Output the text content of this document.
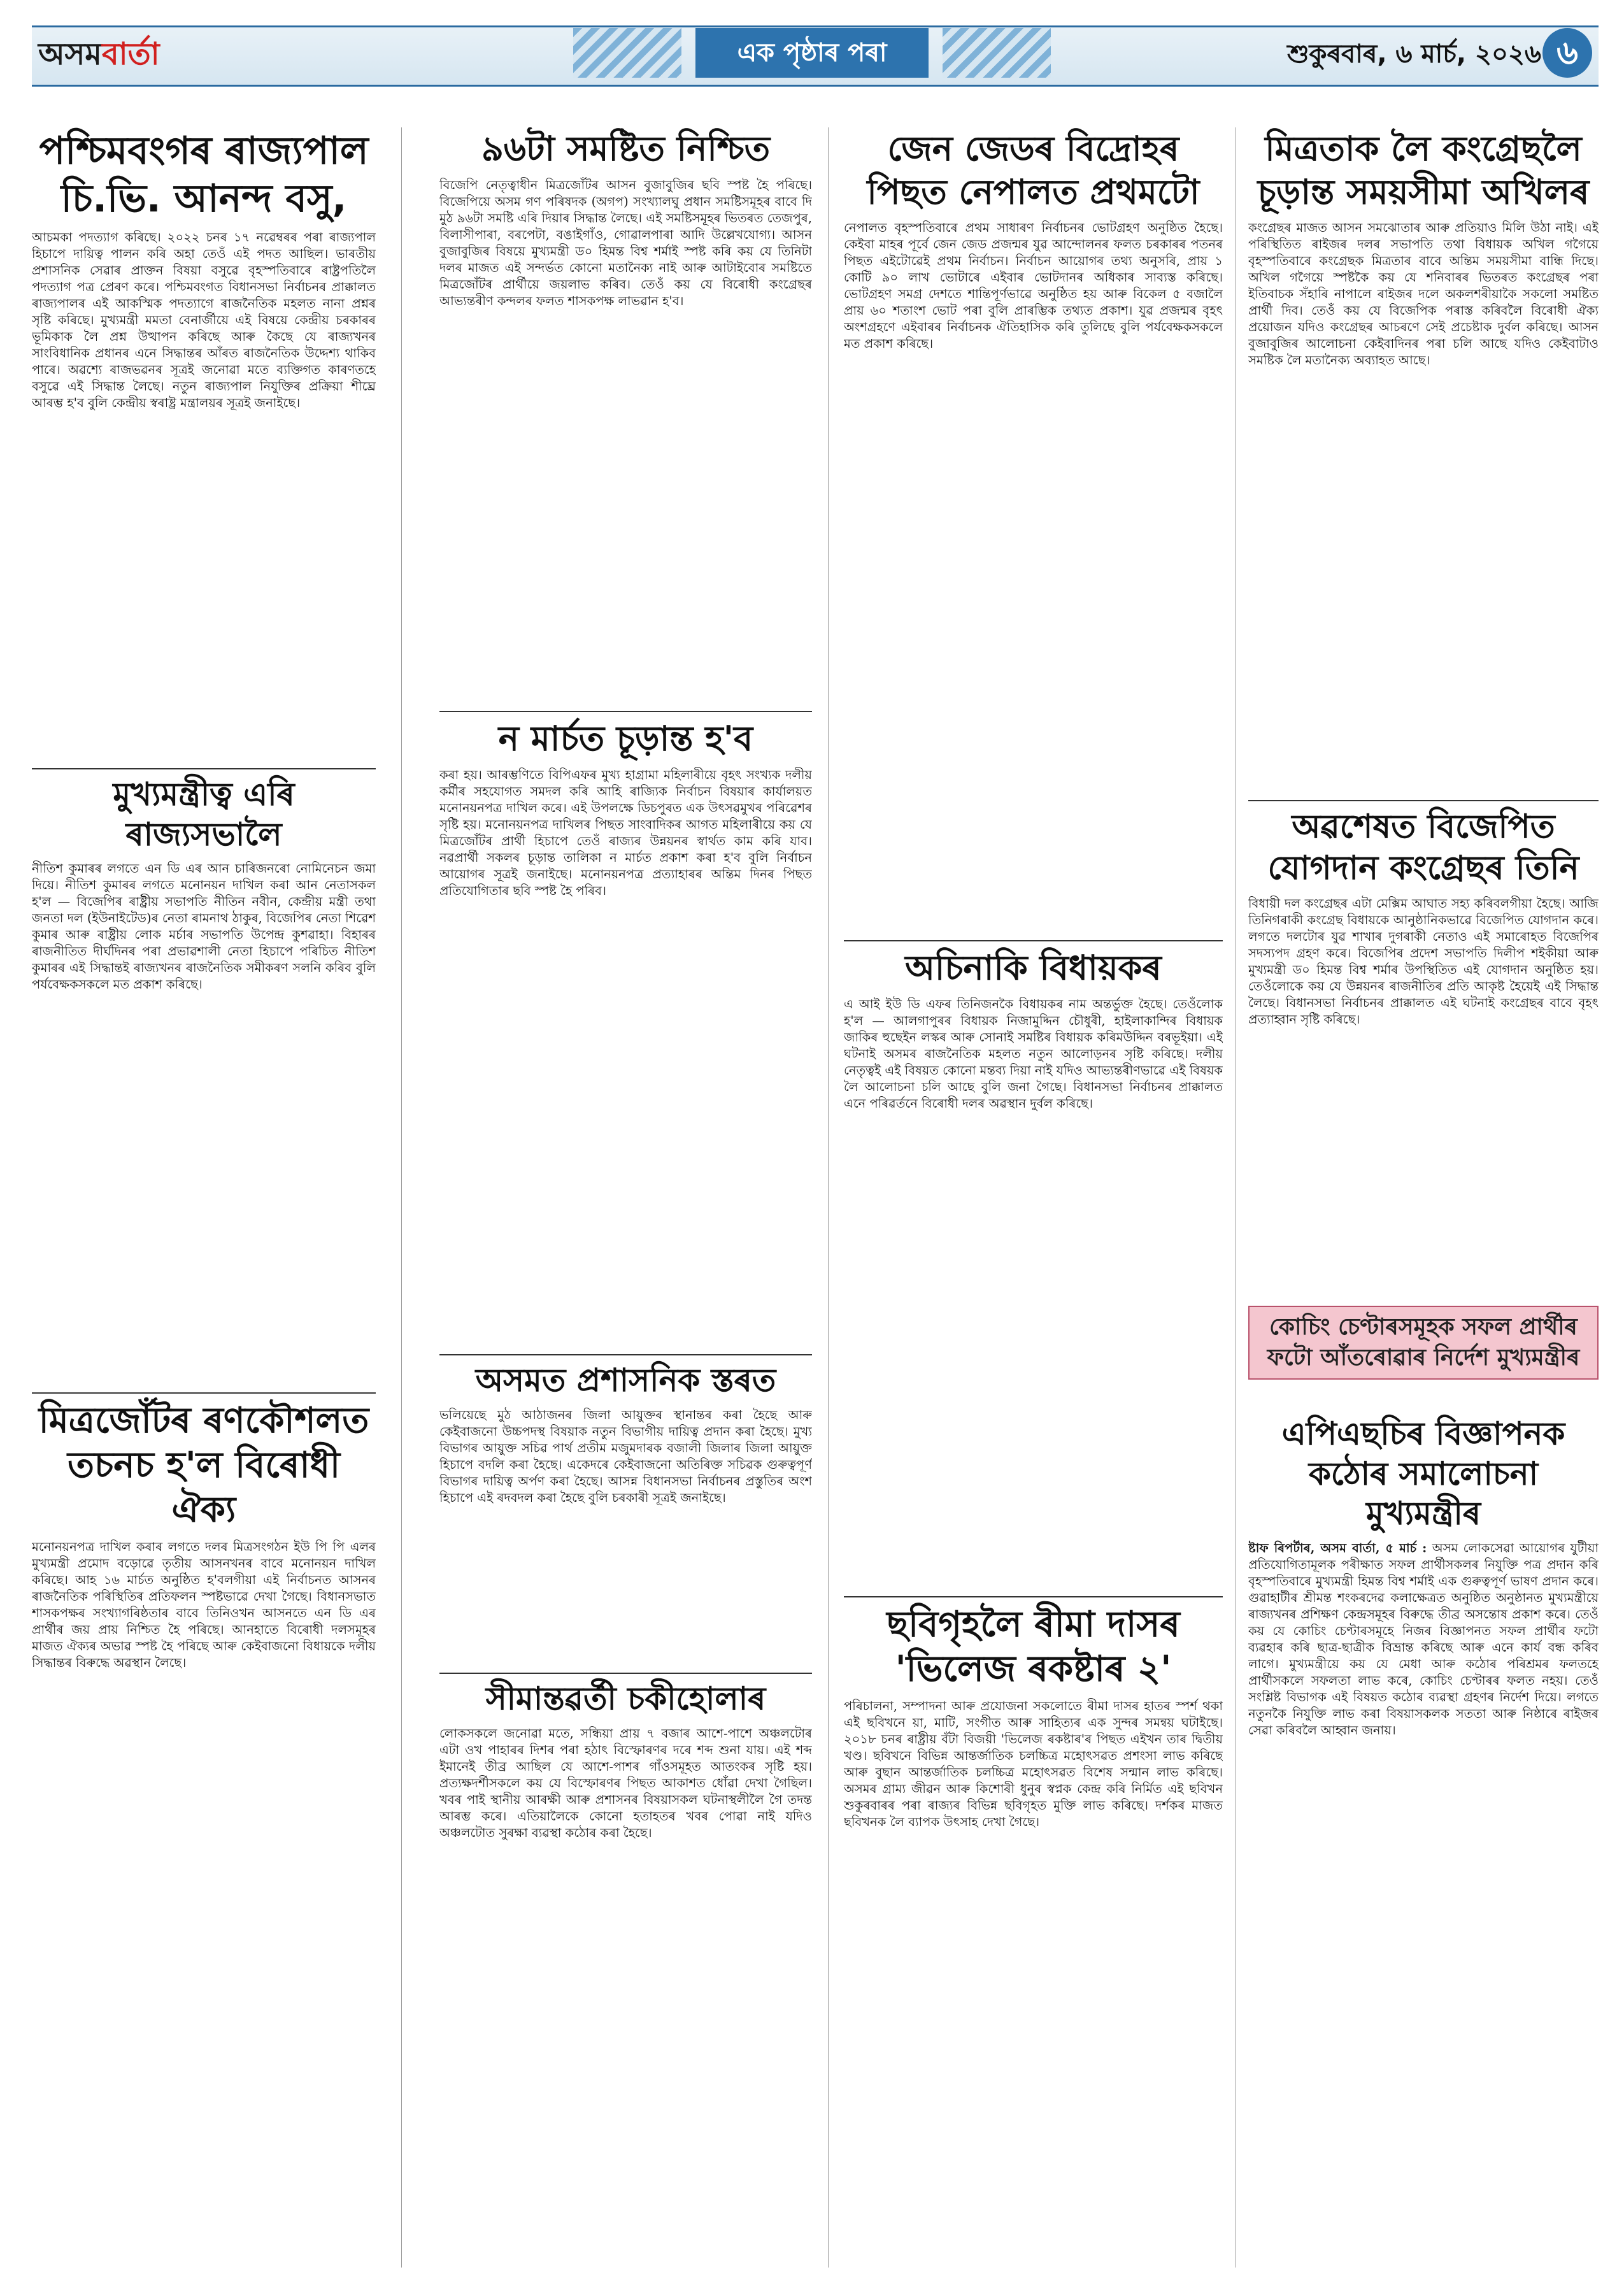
অসমবাৰ্তা	এক পৃষ্ঠাৰ পৰা	শুকুৰবাৰ, ৬ মাৰ্চ, ২০২৬ ৬
পশ্চিমবংগৰ ৰাজ্যপাল চি.ভি. আনন্দ বসু,
আচমকা পদত্যাগ কৰিছে। ২০২২ চনৰ ১৭ নৱেম্বৰৰ পৰা ৰাজ্যপাল হিচাপে দায়িত্ব পালন কৰি অহা তেওঁ এই পদত আছিল। ভাৰতীয় প্ৰশাসনিক সেৱাৰ প্ৰাক্তন বিষয়া বসুৱে বৃহস্পতিবাৰে ৰাষ্ট্ৰপতিলৈ পদত্যাগ পত্ৰ প্ৰেৰণ কৰে। পশ্চিমবংগত বিধানসভা নিৰ্বাচনৰ প্ৰাক্কালত ৰাজ্যপালৰ এই আকস্মিক পদত্যাগে ৰাজনৈতিক মহলত নানা প্ৰশ্নৰ সৃষ্টি কৰিছে। মুখ্যমন্ত্ৰী মমতা বেনাৰ্জীয়ে এই বিষয়ে কেন্দ্ৰীয় চৰকাৰৰ ভূমিকাক লৈ প্ৰশ্ন উত্থাপন কৰিছে আৰু কৈছে যে ৰাজ্যখনৰ সাংবিধানিক প্ৰধানৰ এনে সিদ্ধান্তৰ আঁৰত ৰাজনৈতিক উদ্দেশ্য থাকিব পাৰে। অৱশ্যে ৰাজভৱনৰ সূত্ৰই জনোৱা মতে ব্যক্তিগত কাৰণতহে বসুৱে এই সিদ্ধান্ত লৈছে। নতুন ৰাজ্যপাল নিযুক্তিৰ প্ৰক্ৰিয়া শীঘ্ৰে আৰম্ভ হ'ব বুলি কেন্দ্ৰীয় স্বৰাষ্ট্ৰ মন্ত্ৰালয়ৰ সূত্ৰই জনাইছে।
মুখ্যমন্ত্ৰীত্ব এৰি ৰাজ্যসভালৈ
নীতিশ কুমাৰৰ লগতে এন ডি এৰ আন চাৰিজনৰো নোমিনেচন জমা দিয়ে। নীতিশ কুমাৰৰ লগতে মনোনয়ন দাখিল কৰা আন নেতাসকল হ'ল — বিজেপিৰ ৰাষ্ট্ৰীয় সভাপতি নীতিন নবীন, কেন্দ্ৰীয় মন্ত্ৰী তথা জনতা দল (ইউনাইটেড)ৰ নেতা ৰামনাথ ঠাকুৰ, বিজেপিৰ নেতা শিৱেশ কুমাৰ আৰু ৰাষ্ট্ৰীয় লোক মৰ্চাৰ সভাপতি উপেন্দ্ৰ কুশৱাহা। বিহাৰৰ ৰাজনীতিত দীৰ্ঘদিনৰ পৰা প্ৰভাৱশালী নেতা হিচাপে পৰিচিত নীতিশ কুমাৰৰ এই সিদ্ধান্তই ৰাজ্যখনৰ ৰাজনৈতিক সমীকৰণ সলনি কৰিব বুলি পৰ্যবেক্ষকসকলে মত প্ৰকাশ কৰিছে।
মিত্ৰজোঁটৰ ৰণকৌশলত তচনচ হ'ল বিৰোধী ঐক্য
মনোনয়নপত্ৰ দাখিল কৰাৰ লগতে দলৰ মিত্ৰসংগঠন ইউ পি পি এলৰ মুখ্যমন্ত্ৰী প্ৰমোদ বড়োৱে তৃতীয় আসনখনৰ বাবে মনোনয়ন দাখিল কৰিছে। আহ ১৬ মাৰ্চত অনুষ্ঠিত হ'বলগীয়া এই নিৰ্বাচনত আসনৰ ৰাজনৈতিক পৰিস্থিতিৰ প্ৰতিফলন স্পষ্টভাৱে দেখা গৈছে। বিধানসভাত শাসকপক্ষৰ সংখ্যাগৰিষ্ঠতাৰ বাবে তিনিওখন আসনতে এন ডি এৰ প্ৰাৰ্থীৰ জয় প্ৰায় নিশ্চিত হৈ পৰিছে। আনহাতে বিৰোধী দলসমূহৰ মাজত ঐক্যৰ অভাৱ স্পষ্ট হৈ পৰিছে আৰু কেইবাজনো বিধায়কে দলীয় সিদ্ধান্তৰ বিৰুদ্ধে অৱস্থান লৈছে।
৯৬টা সমষ্টিত নিশ্চিত
বিজেপি নেতৃত্বাধীন মিত্ৰজোঁটৰ আসন বুজাবুজিৰ ছবি স্পষ্ট হৈ পৰিছে। বিজেপিয়ে অসম গণ পৰিষদক (অগপ) সংখ্যালঘু প্ৰধান সমষ্টিসমূহৰ বাবে দি মুঠ ৯৬টা সমষ্টি এৰি দিয়াৰ সিদ্ধান্ত লৈছে। এই সমষ্টিসমূহৰ ভিতৰত তেজপুৰ, বিলাসীপাৰা, বৰপেটা, বঙাইগাঁও, গোৱালপাৰা আদি উল্লেখযোগ্য। আসন বুজাবুজিৰ বিষয়ে মুখ্যমন্ত্ৰী ড০ হিমন্ত বিশ্ব শৰ্মাই স্পষ্ট কৰি কয় যে তিনিটা দলৰ মাজত এই সন্দৰ্ভত কোনো মতানৈক্য নাই আৰু আটাইবোৰ সমষ্টিতে মিত্ৰজোঁটৰ প্ৰাৰ্থীয়ে জয়লাভ কৰিব। তেওঁ কয় যে বিৰোধী কংগ্ৰেছৰ আভ্যন্তৰীণ কন্দলৰ ফলত শাসকপক্ষ লাভৱান হ'ব।
ন মাৰ্চত চূড়ান্ত হ'ব
কৰা হয়। আৰম্ভণিতে বিপিএফৰ মুখ্য হাগ্ৰামা মহিলাৰীয়ে বৃহৎ সংখ্যক দলীয় কৰ্মীৰ সহযোগত সমদল কৰি আহি ৰাজ্যিক নিৰ্বাচন বিষয়াৰ কাৰ্যালয়ত মনোনয়নপত্ৰ দাখিল কৰে। এই উপলক্ষে ডিচপুৰত এক উৎসৱমুখৰ পৰিৱেশৰ সৃষ্টি হয়। মনোনয়নপত্ৰ দাখিলৰ পিছত সাংবাদিকৰ আগত মহিলাৰীয়ে কয় যে মিত্ৰজোঁটৰ প্ৰাৰ্থী হিচাপে তেওঁ ৰাজ্যৰ উন্নয়নৰ স্বাৰ্থত কাম কৰি যাব। নৱপ্ৰাৰ্থী সকলৰ চূড়ান্ত তালিকা ন মাৰ্চত প্ৰকাশ কৰা হ'ব বুলি নিৰ্বাচন আয়োগৰ সূত্ৰই জনাইছে। মনোনয়নপত্ৰ প্ৰত্যাহাৰৰ অন্তিম দিনৰ পিছত প্ৰতিযোগিতাৰ ছবি স্পষ্ট হৈ পৰিব।
অসমত প্ৰশাসনিক স্তৰত
ভলিয়েছে মুঠ আঠাজনৰ জিলা আয়ুক্তৰ স্থানান্তৰ কৰা হৈছে আৰু কেইবাজনো উচ্চপদস্থ বিষয়াক নতুন বিভাগীয় দায়িত্ব প্ৰদান কৰা হৈছে। মুখ্য বিভাগৰ আয়ুক্ত সচিৱ পাৰ্থ প্ৰতীম মজুমদাৰক বজালী জিলাৰ জিলা আয়ুক্ত হিচাপে বদলি কৰা হৈছে। একেদৰে কেইবাজনো অতিৰিক্ত সচিৱক গুৰুত্বপূৰ্ণ বিভাগৰ দায়িত্ব অৰ্পণ কৰা হৈছে। আসন্ন বিধানসভা নিৰ্বাচনৰ প্ৰস্তুতিৰ অংশ হিচাপে এই ৰদবদল কৰা হৈছে বুলি চৰকাৰী সূত্ৰই জনাইছে।
সীমান্তৱৰ্তী চকীহোলাৰ
লোকসকলে জনোৱা মতে, সন্ধিয়া প্ৰায় ৭ বজাৰ আশে-পাশে অঞ্চলটোৰ এটা ওখ পাহাৰৰ দিশৰ পৰা হঠাৎ বিস্ফোৰণৰ দৰে শব্দ শুনা যায়। এই শব্দ ইমানেই তীব্ৰ আছিল যে আশে-পাশৰ গাঁওসমূহত আতংকৰ সৃষ্টি হয়। প্ৰত্যক্ষদৰ্শীসকলে কয় যে বিস্ফোৰণৰ পিছত আকাশত ধোঁৱা দেখা গৈছিল। খবৰ পাই স্থানীয় আৰক্ষী আৰু প্ৰশাসনৰ বিষয়াসকল ঘটনাস্থলীলৈ গৈ তদন্ত আৰম্ভ কৰে। এতিয়ালৈকে কোনো হতাহতৰ খবৰ পোৱা নাই যদিও অঞ্চলটোত সুৰক্ষা ব্যৱস্থা কঠোৰ কৰা হৈছে।
জেন জেডৰ বিদ্ৰোহৰ পিছত নেপালত প্ৰথমটো
নেপালত বৃহস্পতিবাৰে প্ৰথম সাধাৰণ নিৰ্বাচনৰ ভোটগ্ৰহণ অনুষ্ঠিত হৈছে। কেইবা মাহৰ পূৰ্বে জেন জেড প্ৰজন্মৰ যুৱ আন্দোলনৰ ফলত চৰকাৰৰ পতনৰ পিছত এইটোৱেই প্ৰথম নিৰ্বাচন। নিৰ্বাচন আয়োগৰ তথ্য অনুসৰি, প্ৰায় ১ কোটি ৯০ লাখ ভোটাৰে এইবাৰ ভোটদানৰ অধিকাৰ সাব্যস্ত কৰিছে। ভোটগ্ৰহণ সমগ্ৰ দেশতে শান্তিপূৰ্ণভাৱে অনুষ্ঠিত হয় আৰু বিকেল ৫ বজালৈ প্ৰায় ৬০ শতাংশ ভোট পৰা বুলি প্ৰাৰম্ভিক তথ্যত প্ৰকাশ। যুৱ প্ৰজন্মৰ বৃহৎ অংশগ্ৰহণে এইবাৰৰ নিৰ্বাচনক ঐতিহাসিক কৰি তুলিছে বুলি পৰ্যবেক্ষকসকলে মত প্ৰকাশ কৰিছে।
অচিনাকি বিধায়কৰ
এ আই ইউ ডি এফৰ তিনিজনকৈ বিধায়কৰ নাম অন্তৰ্ভুক্ত হৈছে। তেওঁলোক হ'ল — আলগাপুৰৰ বিধায়ক নিজামুদ্দিন চৌধুৰী, হাইলাকান্দিৰ বিধায়ক জাকিৰ হুছেইন লস্কৰ আৰু সোনাই সমষ্টিৰ বিধায়ক কৰিমউদ্দিন বৰভূইয়া। এই ঘটনাই অসমৰ ৰাজনৈতিক মহলত নতুন আলোড়নৰ সৃষ্টি কৰিছে। দলীয় নেতৃত্বই এই বিষয়ত কোনো মন্তব্য দিয়া নাই যদিও আভ্যন্তৰীণভাৱে এই বিষয়ক লৈ আলোচনা চলি আছে বুলি জনা গৈছে। বিধানসভা নিৰ্বাচনৰ প্ৰাক্কালত এনে পৰিৱৰ্তনে বিৰোধী দলৰ অৱস্থান দুৰ্বল কৰিছে।
ছবিগৃহলৈ ৰীমা দাসৰ 'ভিলেজ ৰকষ্টাৰ ২'
পৰিচালনা, সম্পাদনা আৰু প্ৰযোজনা সকলোতে ৰীমা দাসৰ হাতৰ স্পৰ্শ থকা এই ছবিখনে য়া, মাটি, সংগীত আৰু সাহিত্যৰ এক সুন্দৰ সমন্বয় ঘটাইছে। ২০১৮ চনৰ ৰাষ্ট্ৰীয় বঁটা বিজয়ী 'ভিলেজ ৰকষ্টাৰ'ৰ পিছত এইখন তাৰ দ্বিতীয় খণ্ড। ছবিখনে বিভিন্ন আন্তৰ্জাতিক চলচ্চিত্ৰ মহোৎসৱত প্ৰশংসা লাভ কৰিছে আৰু বুছান আন্তৰ্জাতিক চলচ্চিত্ৰ মহোৎসৱত বিশেষ সন্মান লাভ কৰিছে। অসমৰ গ্ৰাম্য জীৱন আৰু কিশোৰী ধুনুৰ স্বপ্নক কেন্দ্ৰ কৰি নিৰ্মিত এই ছবিখন শুকুৰবাৰৰ পৰা ৰাজ্যৰ বিভিন্ন ছবিগৃহত মুক্তি লাভ কৰিছে। দৰ্শকৰ মাজত ছবিখনক লৈ ব্যাপক উৎসাহ দেখা গৈছে।
মিত্ৰতাক লৈ কংগ্ৰেছলৈ চূড়ান্ত সময়সীমা অখিলৰ
কংগ্ৰেছৰ মাজত আসন সমঝোতাৰ আৰু প্ৰতিয়াও মিলি উঠা নাই। এই পৰিস্থিতিত ৰাইজৰ দলৰ সভাপতি তথা বিধায়ক অখিল গগৈয়ে বৃহস্পতিবাৰে কংগ্ৰেছক মিত্ৰতাৰ বাবে অন্তিম সময়সীমা বান্ধি দিছে। অখিল গগৈয়ে স্পষ্টকৈ কয় যে শনিবাৰৰ ভিতৰত কংগ্ৰেছৰ পৰা ইতিবাচক সঁহাৰি নাপালে ৰাইজৰ দলে অকলশৰীয়াকৈ সকলো সমষ্টিত প্ৰাৰ্থী দিব। তেওঁ কয় যে বিজেপিক পৰাস্ত কৰিবলৈ বিৰোধী ঐক্য প্ৰয়োজন যদিও কংগ্ৰেছৰ আচৰণে সেই প্ৰচেষ্টাক দুৰ্বল কৰিছে। আসন বুজাবুজিৰ আলোচনা কেইবাদিনৰ পৰা চলি আছে যদিও কেইবাটাও সমষ্টিক লৈ মতানৈক্য অব্যাহত আছে।
অৱশেষত বিজেপিত যোগদান কংগ্ৰেছৰ তিনি
বিধায়ী দল কংগ্ৰেছৰ এটা মেক্সিম আঘাত সহ্য কৰিবলগীয়া হৈছে। আজি তিনিগৰাকী কংগ্ৰেছ বিধায়কে আনুষ্ঠানিকভাৱে বিজেপিত যোগদান কৰে। লগতে দলটোৰ যুৱ শাখাৰ দুগৰাকী নেতাও এই সমাৰোহত বিজেপিৰ সদস্যপদ গ্ৰহণ কৰে। বিজেপিৰ প্ৰদেশ সভাপতি দিলীপ শইকীয়া আৰু মুখ্যমন্ত্ৰী ড০ হিমন্ত বিশ্ব শৰ্মাৰ উপস্থিতিত এই যোগদান অনুষ্ঠিত হয়। তেওঁলোকে কয় যে উন্নয়নৰ ৰাজনীতিৰ প্ৰতি আকৃষ্ট হৈয়েই এই সিদ্ধান্ত লৈছে। বিধানসভা নিৰ্বাচনৰ প্ৰাক্কালত এই ঘটনাই কংগ্ৰেছৰ বাবে বৃহৎ প্ৰত্যাহ্বান সৃষ্টি কৰিছে।
কোচিং চেণ্টাৰসমূহক সফল প্ৰাৰ্থীৰ ফটো আঁতৰোৱাৰ নিৰ্দেশ মুখ্যমন্ত্ৰীৰ
এপিএছচিৰ বিজ্ঞাপনক কঠোৰ সমালোচনা মুখ্যমন্ত্ৰীৰ
ষ্টাফ ৰিপৰ্টাৰ, অসম বাৰ্তা, ৫ মাৰ্চ : অসম লোকসেৱা আয়োগৰ যুটীয়া প্ৰতিযোগিতামূলক পৰীক্ষাত সফল প্ৰাৰ্থীসকলৰ নিযুক্তি পত্ৰ প্ৰদান কৰি বৃহস্পতিবাৰে মুখ্যমন্ত্ৰী হিমন্ত বিশ্ব শৰ্মাই এক গুৰুত্বপূৰ্ণ ভাষণ প্ৰদান কৰে। গুৱাহাটীৰ শ্ৰীমন্ত শংকৰদেৱ কলাক্ষেত্ৰত অনুষ্ঠিত অনুষ্ঠানত মুখ্যমন্ত্ৰীয়ে ৰাজ্যখনৰ প্ৰশিক্ষণ কেন্দ্ৰসমূহৰ বিৰুদ্ধে তীব্ৰ অসন্তোষ প্ৰকাশ কৰে। তেওঁ কয় যে কোচিং চেণ্টাৰসমূহে নিজৰ বিজ্ঞাপনত সফল প্ৰাৰ্থীৰ ফটো ব্যৱহাৰ কৰি ছাত্ৰ-ছাত্ৰীক বিভ্ৰান্ত কৰিছে আৰু এনে কাৰ্য বন্ধ কৰিব লাগে। মুখ্যমন্ত্ৰীয়ে কয় যে মেধা আৰু কঠোৰ পৰিশ্ৰমৰ ফলতহে প্ৰাৰ্থীসকলে সফলতা লাভ কৰে, কোচিং চেণ্টাৰৰ ফলত নহয়। তেওঁ সংশ্লিষ্ট বিভাগক এই বিষয়ত কঠোৰ ব্যৱস্থা গ্ৰহণৰ নিৰ্দেশ দিয়ে। লগতে নতুনকৈ নিযুক্তি লাভ কৰা বিষয়াসকলক সততা আৰু নিষ্ঠাৰে ৰাইজৰ সেৱা কৰিবলৈ আহ্বান জনায়।
